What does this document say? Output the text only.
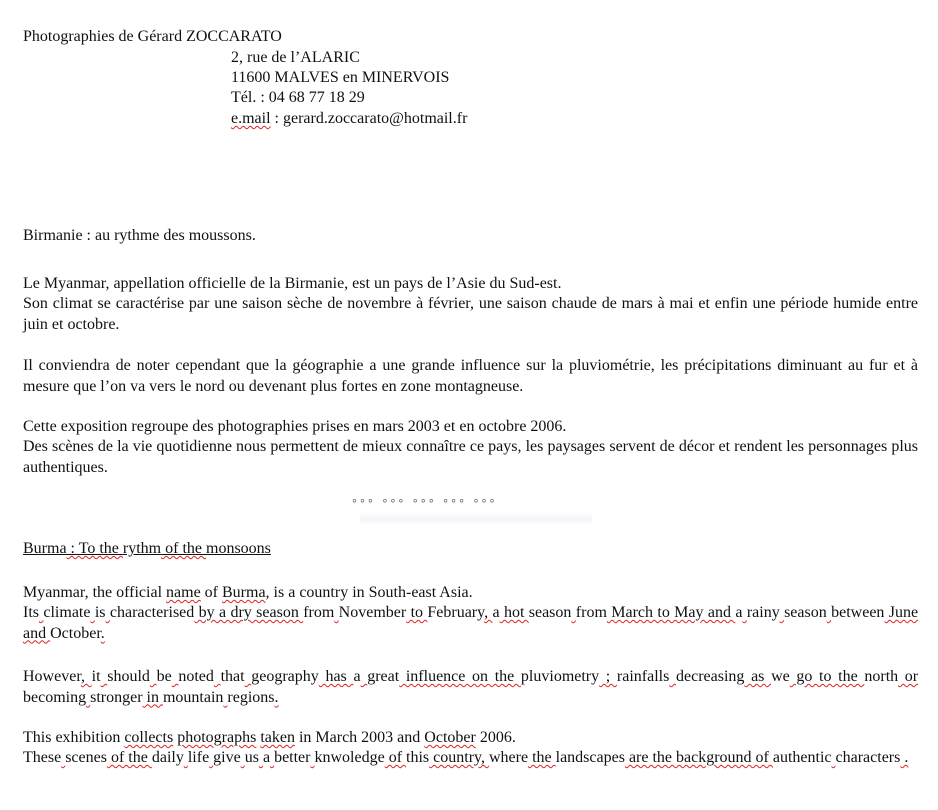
Photographies de Gérard ZOCCARATO
2, rue de l’ALARIC
11600 MALVES en MINERVOIS
Tél. : 04 68 77 18 29
e.mail : gerard.zoccarato@hotmail.fr
Birmanie : au rythme des moussons.
Le Myanmar, appellation officielle de la Birmanie, est un pays de l’Asie du Sud-est.
Son climat se caractérise par une saison sèche de novembre à février, une saison chaude de mars à mai et enfin une période humide entre juin et octobre.
Il conviendra de noter cependant que la géographie a une grande influence sur la pluviométrie, les précipitations diminuant au fur et à mesure que l’on va vers le nord ou devenant plus fortes en zone montagneuse.
Cette exposition regroupe des photographies prises en mars 2003 et en octobre 2006.
Des scènes de la vie quotidienne nous permettent de mieux connaître ce pays, les paysages servent de décor et rendent les personnages plus authentiques.
◦◦◦ ◦◦◦ ◦◦◦ ◦◦◦ ◦◦◦
Burma : To the rythm of the monsoons
Myanmar, the official name of Burma, is a country in South-east Asia.
Its climate is characterised by a dry season from November to February, a hot season from March to May and a rainy season between June and October.
However, it should be noted that geography has a great influence on the pluviometry ; rainfalls decreasing as we go to the north or becoming stronger in mountain regions.
This exhibition collects photographs taken in March 2003 and October 2006.
These scenes of the daily life give us a better knwoledge of this country, where the landscapes are the background of authentic characters .
